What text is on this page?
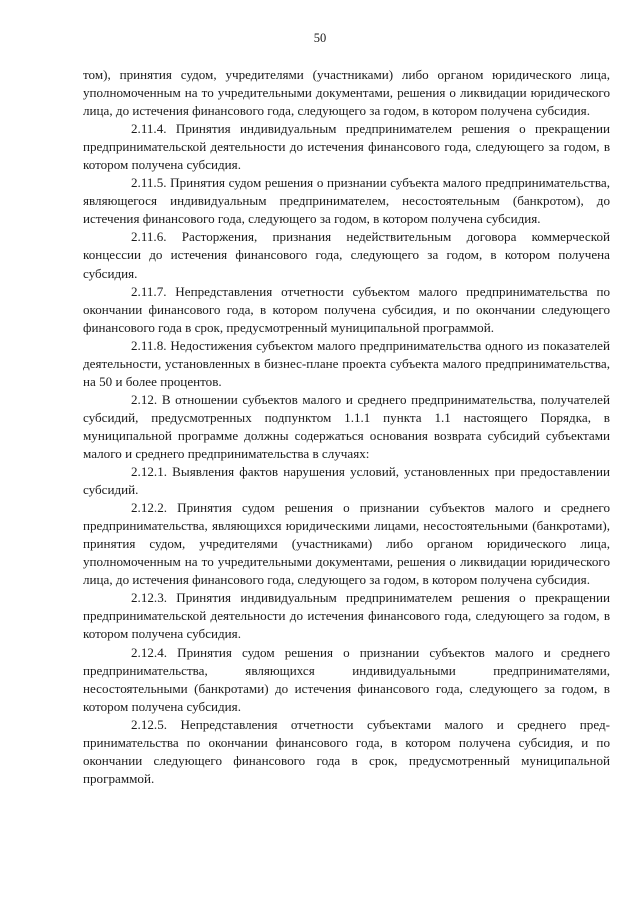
50

том), принятия судом, учредителями (участниками) либо органом юридического лица, уполномоченным на то учредительными документами, решения о ликвидации юридического лица, до истечения финансового года, следующего за годом, в котором получена субсидия.

2.11.4. Принятия индивидуальным предпринимателем решения о прекращении предпринимательской деятельности до истечения финансового года, следующего за годом, в котором получена субсидия.

2.11.5. Принятия судом решения о признании субъекта малого предпринимательства, являющегося индивидуальным предпринимателем, несостоятельным (банкротом), до истечения финансового года, следующего за годом, в котором получена субсидия.

2.11.6. Расторжения, признания недействительным договора коммерческой концессии до истечения финансового года, следующего за годом, в котором получена субсидия.

2.11.7. Непредставления отчетности субъектом малого предпринимательства по окончании финансового года, в котором получена субсидия, и по окончании следующего финансового года в срок, предусмотренный муниципальной программой.

2.11.8. Недостижения субъектом малого предпринимательства одного из показателей деятельности, установленных в бизнес-плане проекта субъекта малого предпринимательства, на 50 и более процентов.

2.12. В отношении субъектов малого и среднего предпринимательства, получателей субсидий, предусмотренных подпунктом 1.1.1 пункта 1.1 настоящего Порядка, в муниципальной программе должны содержаться основания возврата субсидий субъектами малого и среднего предпринимательства в случаях:

2.12.1. Выявления фактов нарушения условий, установленных при предоставлении субсидий.

2.12.2. Принятия судом решения о признании субъектов малого и среднего предпринимательства, являющихся юридическими лицами, несостоятельными (банкротами), принятия судом, учредителями (участниками) либо органом юридического лица, уполномоченным на то учредительными документами, решения о ликвидации юридического лица, до истечения финансового года, следующего за годом, в котором получена субсидия.

2.12.3. Принятия индивидуальным предпринимателем решения о прекращении предпринимательской деятельности до истечения финансового года, следующего за годом, в котором получена субсидия.

2.12.4. Принятия судом решения о признании субъектов малого и среднего предпринимательства, являющихся индивидуальными предпринимателями, несостоятельными (банкротами) до истечения финансового года, следующего за годом, в котором получена субсидия.

2.12.5. Непредставления отчетности субъектами малого и среднего предпринимательства по окончании финансового года, в котором получена субсидия, и по окончании следующего финансового года в срок, предусмотренный муниципальной программой.
